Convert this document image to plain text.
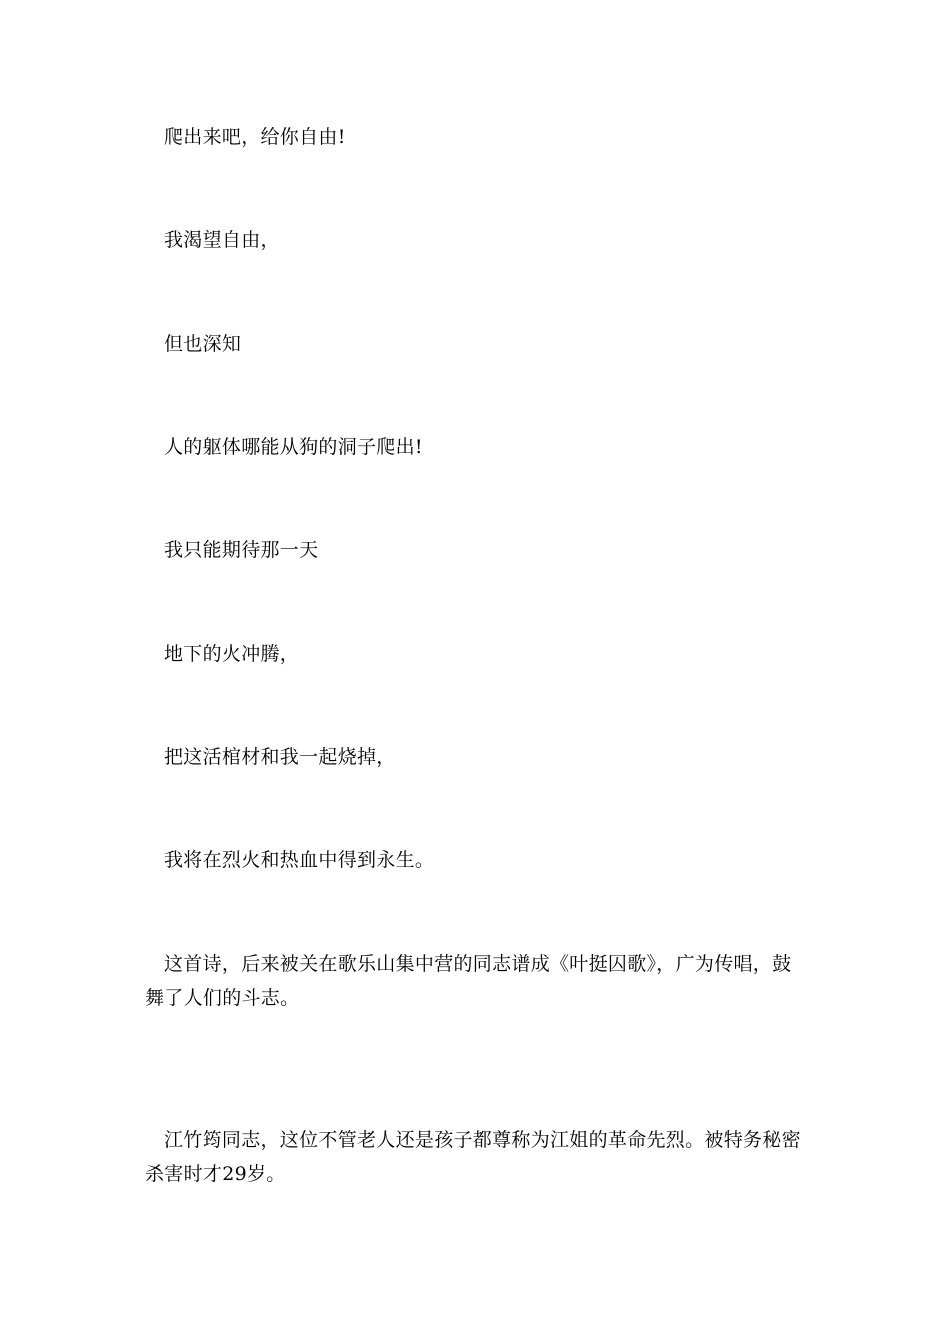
爬出来吧，给你自由!
我渴望自由，
但也深知
人的躯体哪能从狗的洞子爬出!
我只能期待那一天
地下的火冲腾，
把这活棺材和我一起烧掉，
我将在烈火和热血中得到永生。
这首诗，后来被关在歌乐山集中营的同志谱成《叶挺囚歌》，广为传唱，鼓舞了人们的斗志。
江竹筠同志，这位不管老人还是孩子都尊称为江姐的革命先烈。被特务秘密杀害时才29岁。
